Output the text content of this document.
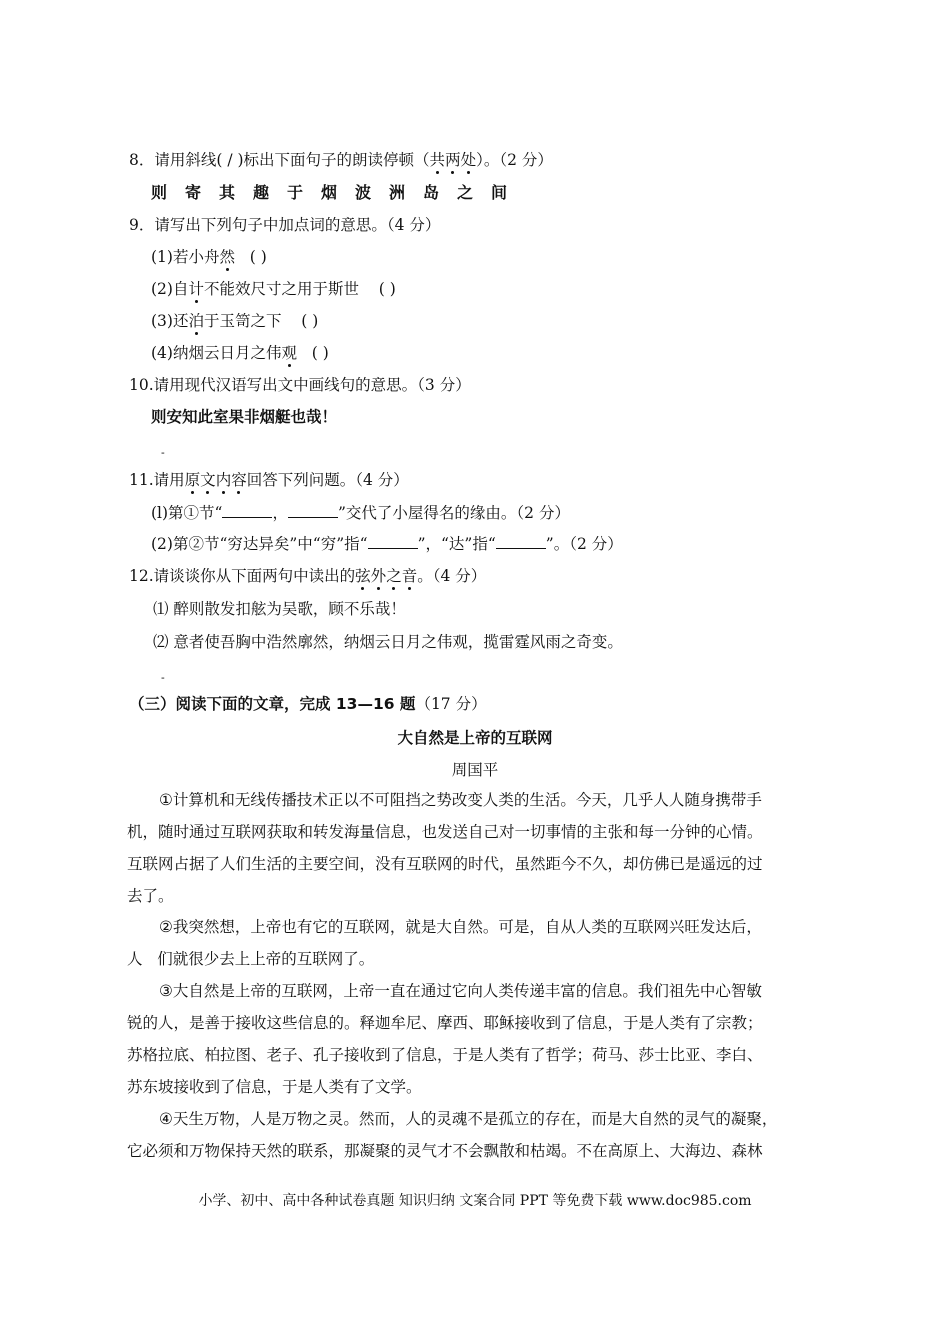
8．请用斜线( / )标出下面句子的朗读停顿（共两处）。（2 分）
则寄其趣于烟波洲岛之间
9．请写出下列句子中加点词的意思。（4 分）
(1)若小舟然 ( )
(2)自计不能效尺寸之用于斯世 ( )
(3)还泊于玉笥之下 ( )
(4)纳烟云日月之伟观 ( )
10.请用现代汉语写出文中画线句的意思。（3 分）
则安知此室果非烟艇也哉！
-
11.请用原文内容回答下列问题。（4 分）
(l)第①节“	，	”交代了小屋得名的缘由。（2 分）
(2)第②节“穷达异矣”中“穷”指“	”，“达”指“	”。（2 分）
12.请谈谈你从下面两句中读出的弦外之音。（4 分）
⑴ 醉则散发扣舷为吴歌，顾不乐哉！
⑵ 意者使吾胸中浩然廓然，纳烟云日月之伟观，揽雷霆风雨之奇变。
-
（三）阅读下面的文章，完成 13—16 题（17 分）
大自然是上帝的互联网
周国平
①计算机和无线传播技术正以不可阻挡之势改变人类的生活。今天，几乎人人随身携带手
机，随时通过互联网获取和转发海量信息，也发送自己对一切事情的主张和每一分钟的心情。
互联网占据了人们生活的主要空间，没有互联网的时代，虽然距今不久，却仿佛已是遥远的过
去了。
②我突然想，上帝也有它的互联网，就是大自然。可是，自从人类的互联网兴旺发达后，
人   们就很少去上上帝的互联网了。
③大自然是上帝的互联网，上帝一直在通过它向人类传递丰富的信息。我们祖先中心智敏
锐的人，是善于接收这些信息的。释迦牟尼、摩西、耶稣接收到了信息，于是人类有了宗教；
苏格拉底、柏拉图、老子、孔子接收到了信息，于是人类有了哲学；荷马、莎士比亚、李白、
苏东坡接收到了信息，于是人类有了文学。
④天生万物，人是万物之灵。然而，人的灵魂不是孤立的存在，而是大自然的灵气的凝聚，
它必须和万物保持天然的联系，那凝聚的灵气才不会飘散和枯竭。不在高原上、大海边、森林
小学、初中、高中各种试卷真题 知识归纳 文案合同 PPT 等免费下载 www.doc985.com
